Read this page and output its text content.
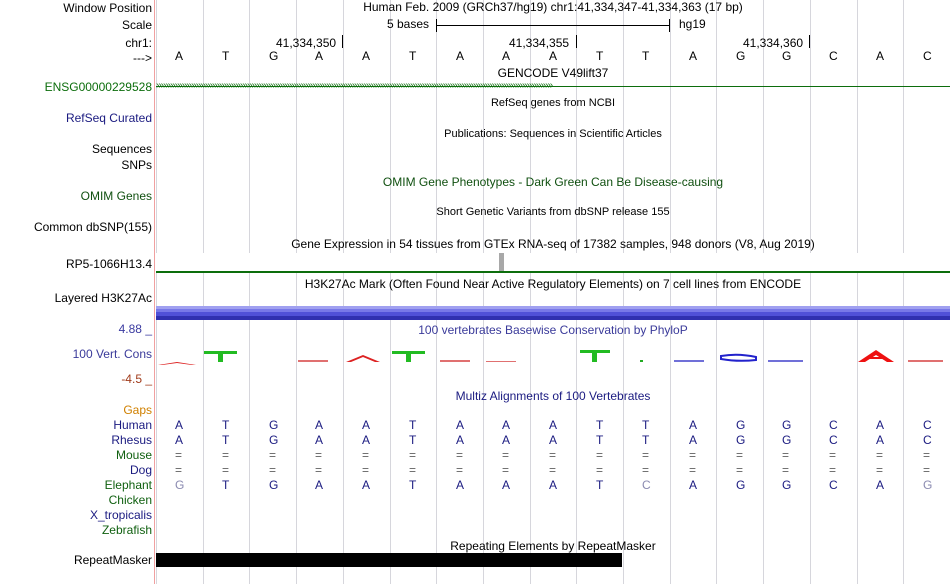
Window Position	Human Feb. 2009 (GRCh37/hg19) chr1:41,334,347-41,334,363 (17 bp)
Scale	5 bases	hg19
chr1:	41,334,350	41,334,355	41,334,360
---> A	T	G	A	A	T	A	A	A	T	T	A	G	G	C	A	C
GENCODE V49lift37
ENSG00000229528 ››››››››››››››››››››››››››››››››››››››››››››››››››››››››››››››››››››››››››››››››››››››››››››››››››››››››››››››››››››››››››››››››››››››››››››››››››››››››››››››››››››››››››
RefSeq genes from NCBI
RefSeq Curated
Publications: Sequences in Scientific Articles
Sequences
SNPs
OMIM Gene Phenotypes - Dark Green Can Be Disease-causing
OMIM Genes
Short Genetic Variants from dbSNP release 155
Common dbSNP(155)
Gene Expression in 54 tissues from GTEx RNA-seq of 17382 samples, 948 donors (V8, Aug 2019)
RP5-1066H13.4
H3K27Ac Mark (Often Found Near Active Regulatory Elements) on 7 cell lines from ENCODE
Layered H3K27Ac
4.88 _	100 vertebrates Basewise Conservation by PhyloP
100 Vert. Cons
-4.5 _
Multiz Alignments of 100 Vertebrates
Gaps
Human A	T	G	A	A	T	A	A	A	T	T	A	G	G	C	A	C
Rhesus A	T	G	A	A	T	A	A	A	T	T	A	G	G	C	A	C
Mouse =	=	=	=	=	=	=	=	=	=	=	=	=	=	=	=	=
Dog =	=	=	=	=	=	=	=	=	=	=	=	=	=	=	=	=
Elephant G	T	G	A	A	T	A	A	A	T	C	A	G	G	C	A	G
Chicken
X_tropicalis
Zebrafish
Repeating Elements by RepeatMasker
RepeatMasker
